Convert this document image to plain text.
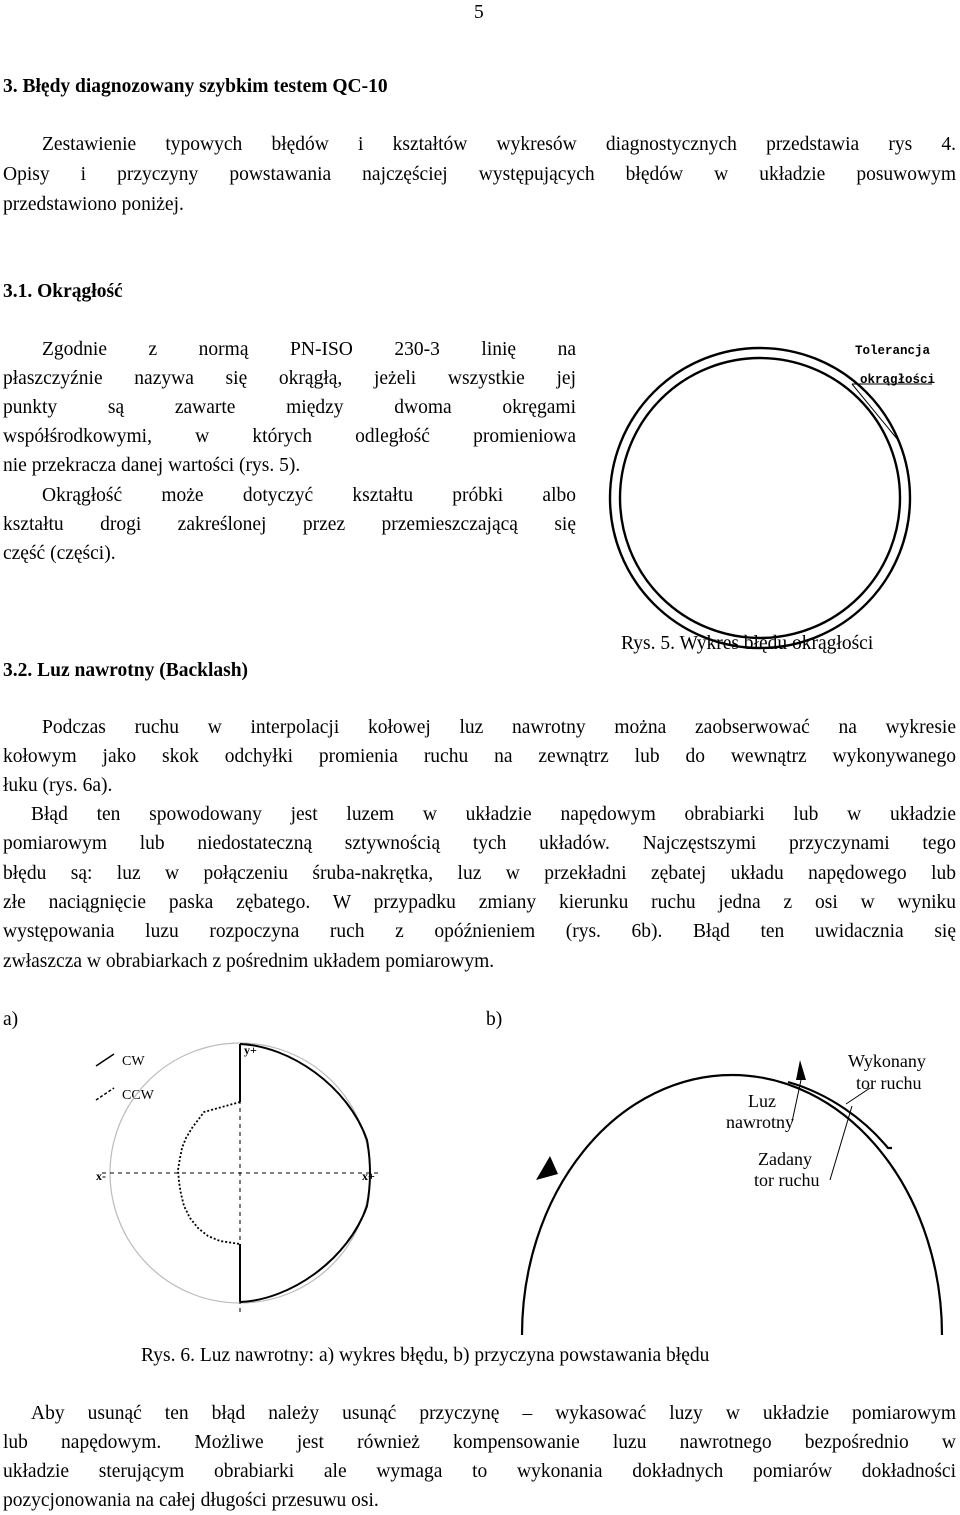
5
3. Błędy diagnozowany szybkim testem QC-10
Zestawienie typowych błędów i kształtów wykresów diagnostycznych przedstawia rys 4.
Opisy i przyczyny powstawania najczęściej występujących błędów w układzie posuwowym
przedstawiono poniżej.
3.1. Okrągłość
Zgodnie z normą PN-ISO 230-3 linię na
płaszczyźnie nazywa się okrągłą, jeżeli wszystkie jej
punkty są zawarte między dwoma okręgami
współśrodkowymi, w których odległość promieniowa
nie przekracza danej wartości (rys. 5).
Okrągłość może dotyczyć kształtu próbki albo
kształtu drogi zakreślonej przez przemieszczającą się
część (części).
Tolerancja
okrągłości
Rys. 5. Wykres błędu okrągłości
3.2. Luz nawrotny (Backlash)
Podczas ruchu w interpolacji kołowej luz nawrotny można zaobserwować na wykresie
kołowym jako skok odchyłki promienia ruchu na zewnątrz lub do wewnątrz wykonywanego
łuku (rys. 6a).
Błąd ten spowodowany jest luzem w układzie napędowym obrabiarki lub w układzie
pomiarowym lub niedostateczną sztywnością tych układów. Najczęstszymi przyczynami tego
błędu są: luz w połączeniu śruba-nakrętka, luz w przekładni zębatej układu napędowego lub
złe naciągnięcie paska zębatego. W przypadku zmiany kierunku ruchu jedna z osi w wyniku
występowania luzu rozpoczyna ruch z opóźnieniem (rys. 6b). Błąd ten uwidacznia się
zwłaszcza w obrabiarkach z pośrednim układem pomiarowym.
a)	b)
CW
CCW
y+
x-	x+
Wykonany
tor ruchu
Luz
nawrotny
Zadany
tor ruchu
Rys. 6. Luz nawrotny: a) wykres błędu, b) przyczyna powstawania błędu
Aby usunąć ten błąd należy usunąć przyczynę – wykasować luzy w układzie pomiarowym
lub napędowym. Możliwe jest również kompensowanie luzu nawrotnego bezpośrednio w
układzie sterującym obrabiarki ale wymaga to wykonania dokładnych pomiarów dokładności
pozycjonowania na całej długości przesuwu osi.
